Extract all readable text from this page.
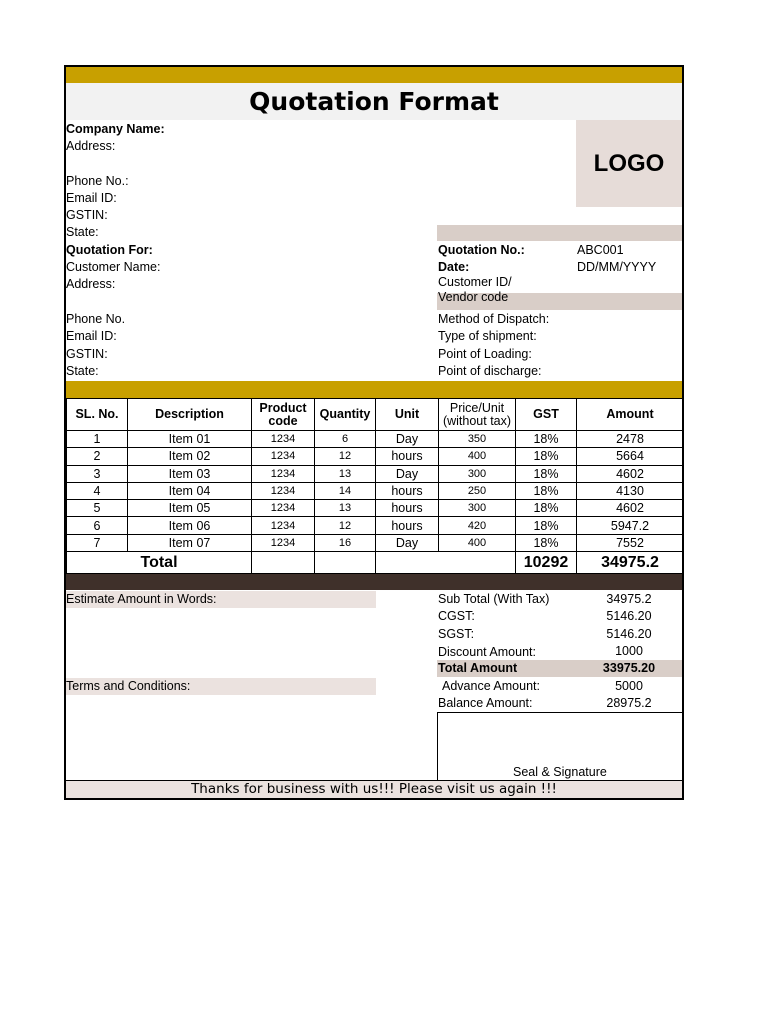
Quotation Format
LOGO
Company Name:
Address:
Phone No.:
Email ID:
GSTIN:
State:
Quotation For:
Customer Name:
Address:
Phone No.
Email ID:
GSTIN:
State:
Quotation No.:	ABC001
Date:	DD/MM/YYYY
Customer ID/
Vendor code
Method of Dispatch:
Type of shipment:
Point of Loading:
Point of discharge:
SL. No.	Description	Product code	Quantity	Unit	Price/Unit (without tax)	GST	Amount
1	Item 01	1234	6	Day	350	18%	2478
2	Item 02	1234	12	hours	400	18%	5664
3	Item 03	1234	13	Day	300	18%	4602
4	Item 04	1234	14	hours	250	18%	4130
5	Item 05	1234	13	hours	300	18%	4602
6	Item 06	1234	12	hours	420	18%	5947.2
7	Item 07	1234	16	Day	400	18%	7552
Total						10292	34975.2
Estimate Amount in Words:
Terms and Conditions:
Sub Total (With Tax)	34975.2
CGST:	5146.20
SGST:	5146.20
Discount Amount:	1000
Total Amount	33975.20
Advance Amount:	5000
Balance Amount:	28975.2
Seal & Signature
Thanks for business with us!!! Please visit us again !!!
